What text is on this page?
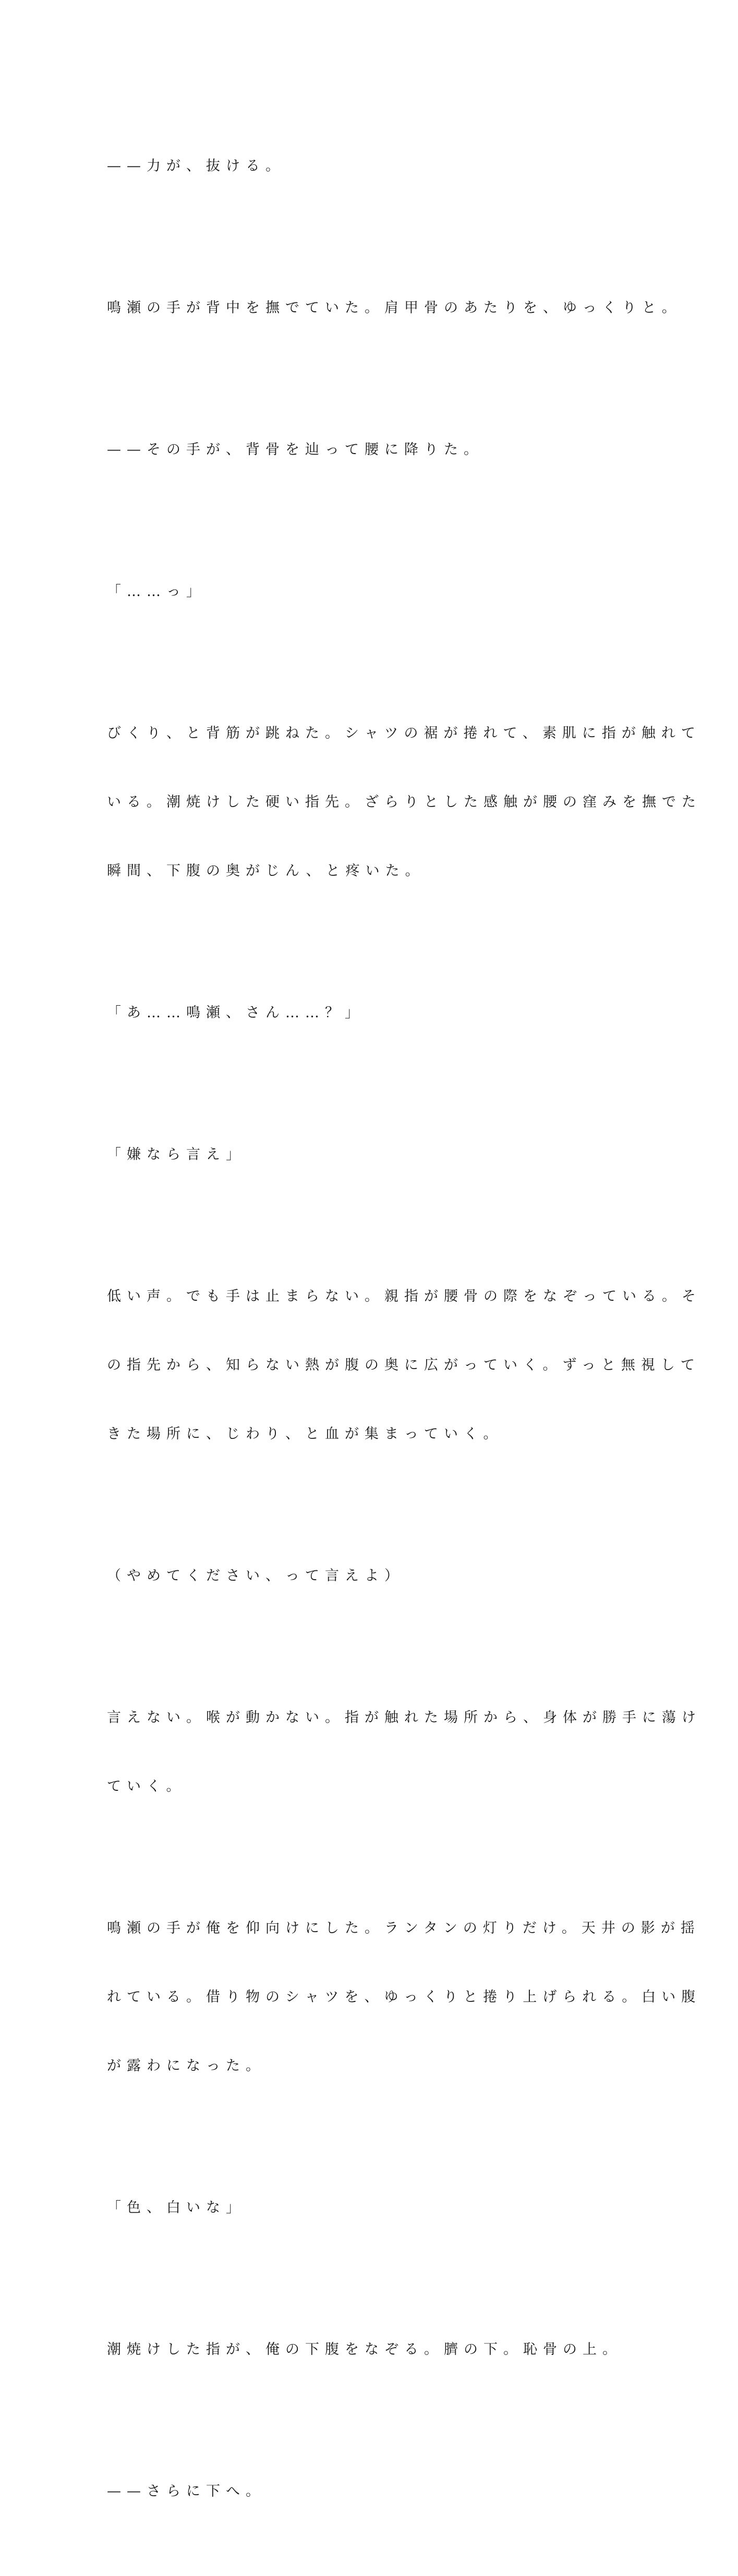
——力が、抜ける。

鳴瀬の手が背中を撫でていた。肩甲骨のあたりを、ゆっくりと。

——その手が、背骨を辿って腰に降りた。

「……っ」

びくり、と背筋が跳ねた。シャツの裾が捲れて、素肌に指が触れて

いる。潮焼けした硬い指先。ざらりとした感触が腰の窪みを撫でた

瞬間、下腹の奥がじん、と疼いた。

「あ……鳴瀬、さん……？」

「嫌なら言え」

低い声。でも手は止まらない。親指が腰骨の際をなぞっている。そ

の指先から、知らない熱が腹の奥に広がっていく。ずっと無視して

きた場所に、じわり、と血が集まっていく。

（やめてください、って言えよ）

言えない。喉が動かない。指が触れた場所から、身体が勝手に蕩け

ていく。

鳴瀬の手が俺を仰向けにした。ランタンの灯りだけ。天井の影が揺

れている。借り物のシャツを、ゆっくりと捲り上げられる。白い腹

が露わになった。

「色、白いな」

潮焼けした指が、俺の下腹をなぞる。臍の下。恥骨の上。

——さらに下へ。
